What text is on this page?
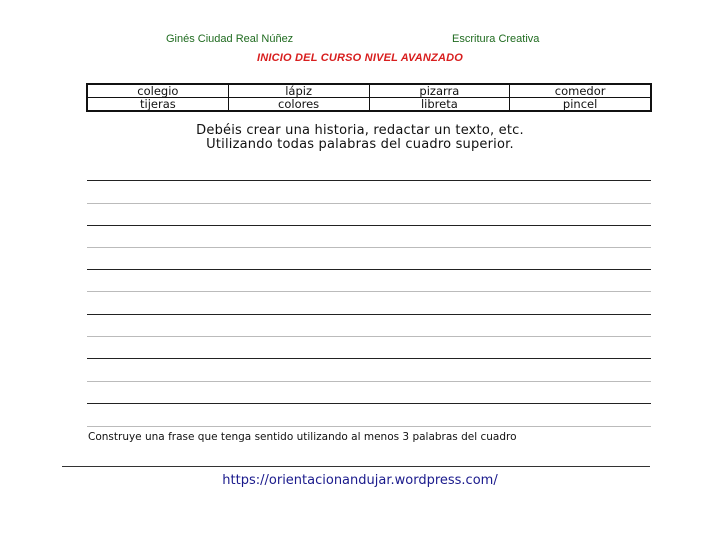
Ginés Ciudad Real Núñez	Escritura Creativa
INICIO DEL CURSO NIVEL AVANZADO
colegio	lápiz	pizarra	comedor
tijeras	colores	libreta	pincel
Debéis crear una historia, redactar un texto, etc.
Utilizando todas palabras del cuadro superior.
Construye una frase que tenga sentido utilizando al menos 3 palabras del cuadro
https://orientacionandujar.wordpress.com/
